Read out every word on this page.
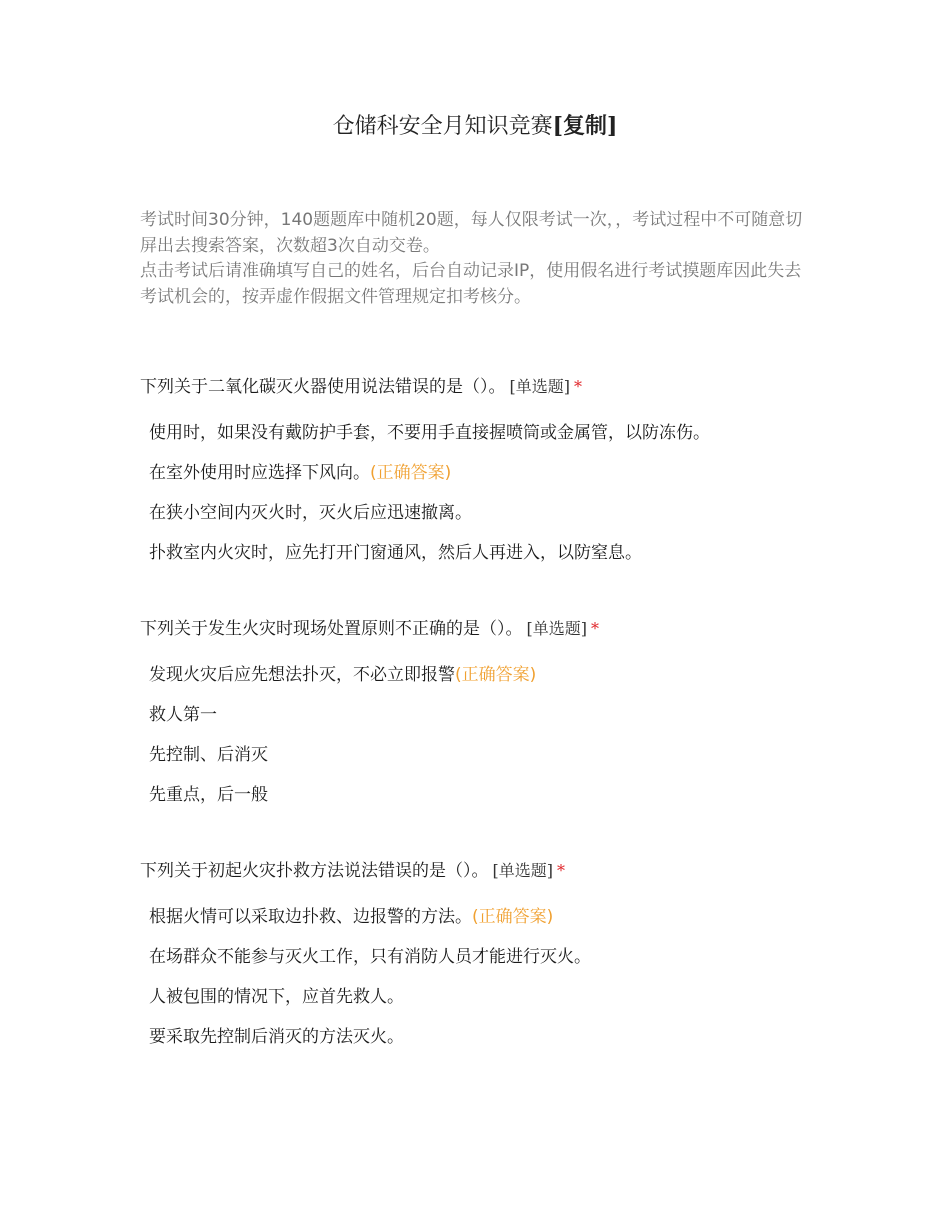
仓储科安全月知识竞赛[复制]

考试时间30分钟，140题题库中随机20题，每人仅限考试一次，，考试过程中不可随意切屏出去搜索答案，次数超3次自动交卷。

点击考试后请准确填写自己的姓名，后台自动记录IP，使用假名进行考试摸题库因此失去考试机会的，按弄虚作假据文件管理规定扣考核分。

下列关于二氧化碳灭火器使用说法错误的是（）。 [单选题] *
使用时，如果没有戴防护手套，不要用手直接握喷筒或金属管，以防冻伤。
在室外使用时应选择下风向。(正确答案)
在狭小空间内灭火时，灭火后应迅速撤离。
扑救室内火灾时，应先打开门窗通风，然后人再进入，以防窒息。
下列关于发生火灾时现场处置原则不正确的是（）。 [单选题] *
发现火灾后应先想法扑灭，不必立即报警(正确答案)
救人第一
先控制、后消灭
先重点，后一般
下列关于初起火灾扑救方法说法错误的是（）。 [单选题] *
根据火情可以采取边扑救、边报警的方法。(正确答案)
在场群众不能参与灭火工作，只有消防人员才能进行灭火。
人被包围的情况下，应首先救人。
要采取先控制后消灭的方法灭火。
